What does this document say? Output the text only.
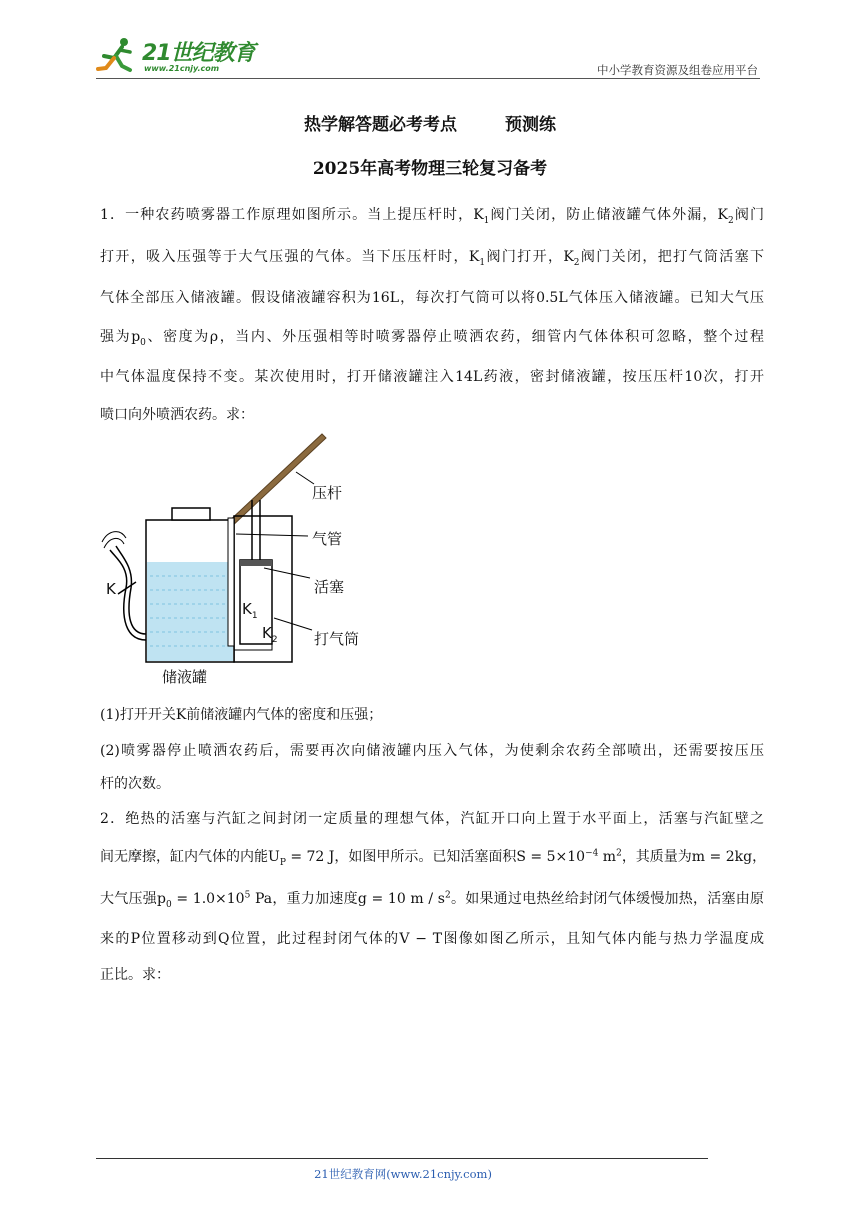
21世纪教育
www.21cnjy.com	中小学教育资源及组卷应用平台
热学解答题必考考点	预测练
2025年高考物理三轮复习备考
1．一种农药喷雾器工作原理如图所示。当上提压杆时，$K_1$阀门关闭，防止储液罐气体外漏，$K_2$阀门
打开，吸入压强等于大气压强的气体。当下压压杆时，$K_1$阀门打开，$K_2$阀门关闭，把打气筒活塞下
气体全部压入储液罐。假设储液罐容积为16L，每次打气筒可以将0.5L气体压入储液罐。已知大气压
强为$p_0$、密度为ρ，当内、外压强相等时喷雾器停止喷洒农药，细管内气体体积可忽略，整个过程
中气体温度保持不变。某次使用时，打开储液罐注入14L药液，密封储液罐，按压压杆10次，打开
喷口向外喷洒农药。求：
压杆
气管
活塞
打气筒
储液罐
K
$K_1$
$K_2$
(1)打开开关K前储液罐内气体的密度和压强；
(2)喷雾器停止喷洒农药后，需要再次向储液罐内压入气体，为使剩余农药全部喷出，还需要按压压
杆的次数。
2．绝热的活塞与汽缸之间封闭一定质量的理想气体，汽缸开口向上置于水平面上，活塞与汽缸壁之
间无摩擦，缸内气体的内能$U_P = 72$ J，如图甲所示。已知活塞面积$S = 5\times 10^{-4}$ $m^2$，其质量为m = 2kg，
大气压强$p_0 = 1.0\times 10^5$ Pa，重力加速度g = 10 m / $s^2$。如果通过电热丝给封闭气体缓慢加热，活塞由原
来的P位置移动到Q位置，此过程封闭气体的V − T图像如图乙所示，且知气体内能与热力学温度成
正比。求：
21世纪教育网(www.21cnjy.com)
